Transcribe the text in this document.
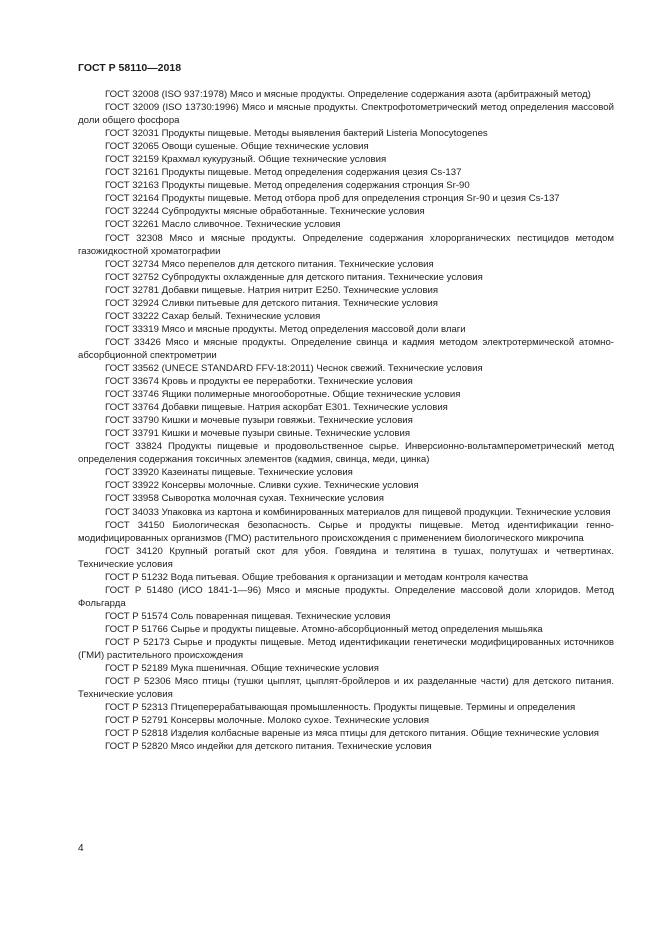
ГОСТ Р 58110—2018

ГОСТ 32008 (ISO 937:1978) Мясо и мясные продукты. Определение содержания азота (арбитражный метод)

ГОСТ 32009 (ISO 13730:1996) Мясо и мясные продукты. Спектрофотометрический метод определения массовой доли общего фосфора

ГОСТ 32031 Продукты пищевые. Методы выявления бактерий Listeria Monocytogenes

ГОСТ 32065 Овощи сушеные. Общие технические условия

ГОСТ 32159 Крахмал кукурузный. Общие технические условия

ГОСТ 32161 Продукты пищевые. Метод определения содержания цезия Cs-137

ГОСТ 32163 Продукты пищевые. Метод определения содержания стронция Sr-90

ГОСТ 32164 Продукты пищевые. Метод отбора проб для определения стронция Sr-90 и цезия Cs-137

ГОСТ 32244 Субпродукты мясные обработанные. Технические условия

ГОСТ 32261 Масло сливочное. Технические условия

ГОСТ 32308 Мясо и мясные продукты. Определение содержания хлорорганических пестицидов методом газожидкостной хроматографии

ГОСТ 32734 Мясо перепелов для детского питания. Технические условия

ГОСТ 32752 Субпродукты охлажденные для детского питания. Технические условия

ГОСТ 32781 Добавки пищевые. Натрия нитрит Е250. Технические условия

ГОСТ 32924 Сливки питьевые для детского питания. Технические условия

ГОСТ 33222 Сахар белый. Технические условия

ГОСТ 33319 Мясо и мясные продукты. Метод определения массовой доли влаги

ГОСТ 33426 Мясо и мясные продукты. Определение свинца и кадмия методом электротермической атомно-абсорбционной спектрометрии

ГОСТ 33562 (UNECE STANDARD FFV-18:2011) Чеснок свежий. Технические условия

ГОСТ 33674 Кровь и продукты ее переработки. Технические условия

ГОСТ 33746 Ящики полимерные многооборотные. Общие технические условия

ГОСТ 33764 Добавки пищевые. Натрия аскорбат Е301. Технические условия

ГОСТ 33790 Кишки и мочевые пузыри говяжьи. Технические условия

ГОСТ 33791 Кишки и мочевые пузыри свиные. Технические условия

ГОСТ 33824 Продукты пищевые и продовольственное сырье. Инверсионно-вольтамперометрический метод определения содержания токсичных элементов (кадмия, свинца, меди, цинка)

ГОСТ 33920 Казеинаты пищевые. Технические условия

ГОСТ 33922 Консервы молочные. Сливки сухие. Технические условия

ГОСТ 33958 Сыворотка молочная сухая. Технические условия

ГОСТ 34033 Упаковка из картона и комбинированных материалов для пищевой продукции. Технические условия

ГОСТ 34150 Биологическая безопасность. Сырье и продукты пищевые. Метод идентификации генно-модифицированных организмов (ГМО) растительного происхождения с применением биологического микрочипа

ГОСТ 34120 Крупный рогатый скот для убоя. Говядина и телятина в тушах, полутушах и четвертинах. Технические условия

ГОСТ Р 51232 Вода питьевая. Общие требования к организации и методам контроля качества

ГОСТ Р 51480 (ИСО 1841-1—96) Мясо и мясные продукты. Определение массовой доли хлоридов. Метод Фольгарда

ГОСТ Р 51574 Соль поваренная пищевая. Технические условия

ГОСТ Р 51766 Сырье и продукты пищевые. Атомно-абсорбционный метод определения мышьяка

ГОСТ Р 52173 Сырье и продукты пищевые. Метод идентификации генетически модифицированных источников (ГМИ) растительного происхождения

ГОСТ Р 52189 Мука пшеничная. Общие технические условия

ГОСТ Р 52306 Мясо птицы (тушки цыплят, цыплят-бройлеров и их разделанные части) для детского питания. Технические условия

ГОСТ Р 52313 Птицеперерабатывающая промышленность. Продукты пищевые. Термины и определения

ГОСТ Р 52791 Консервы молочные. Молоко сухое. Технические условия

ГОСТ Р 52818 Изделия колбасные вареные из мяса птицы для детского питания. Общие технические условия

ГОСТ Р 52820 Мясо индейки для детского питания. Технические условия

4
